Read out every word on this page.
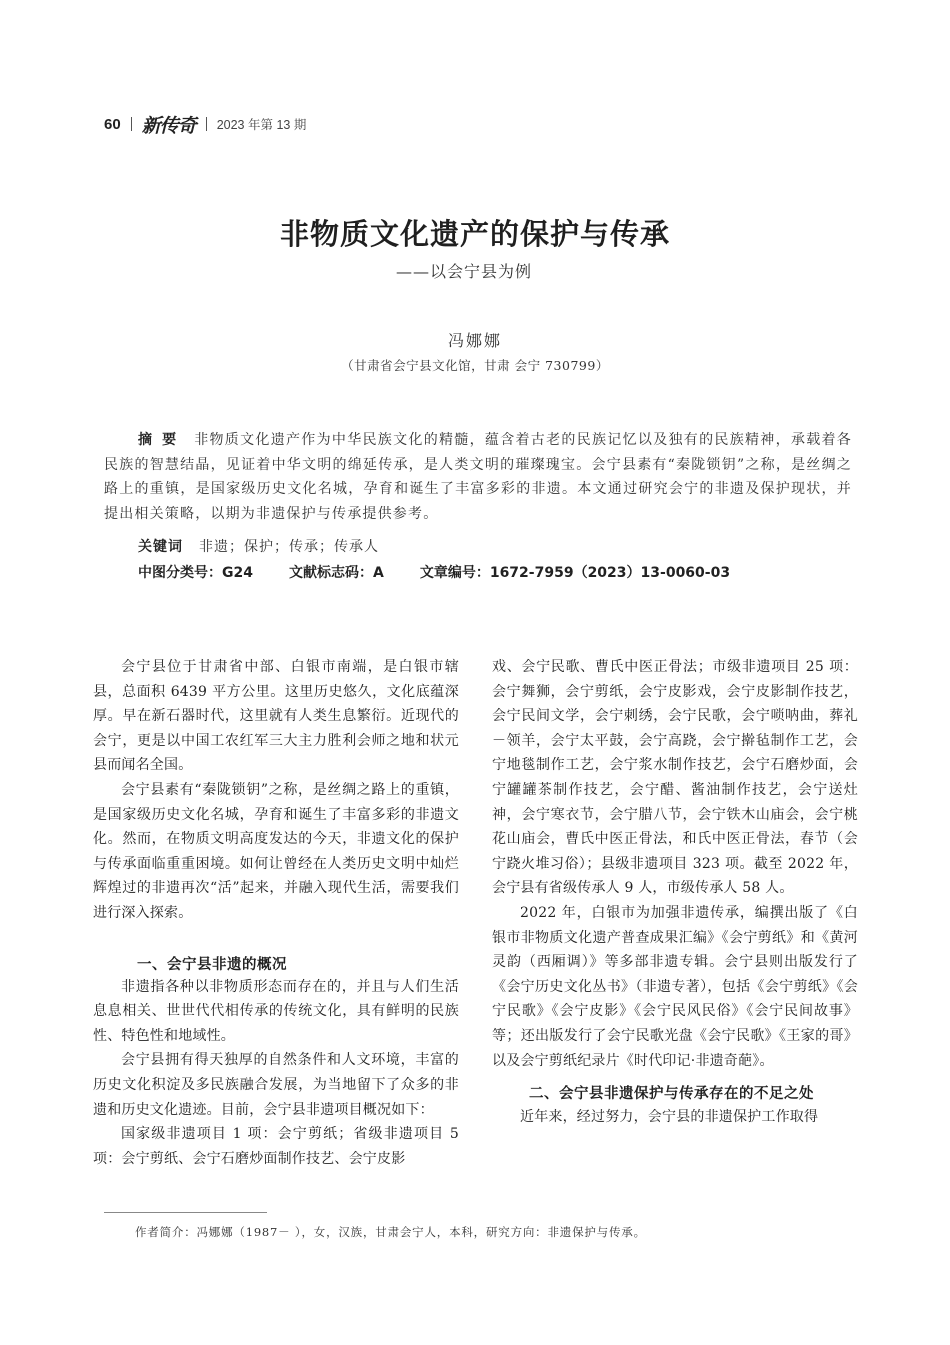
60 新传奇 2023 年第 13 期
非物质文化遗产的保护与传承
——以会宁县为例
冯娜娜
（甘肃省会宁县文化馆，甘肃 会宁 730799）
摘要 非物质文化遗产作为中华民族文化的精髓，蕴含着古老的民族记忆以及独有的民族精神，承载着各民族的智慧结晶，见证着中华文明的绵延传承，是人类文明的璀璨瑰宝。会宁县素有“秦陇锁钥”之称，是丝绸之路上的重镇，是国家级历史文化名城，孕育和诞生了丰富多彩的非遗。本文通过研究会宁的非遗及保护现状，并提出相关策略，以期为非遗保护与传承提供参考。
关键词 非遗；保护；传承；传承人
中图分类号：G24	文献标志码：A	文章编号：1672-7959（2023）13-0060-03

会宁县位于甘肃省中部、白银市南端，是白银市辖县，总面积 6439 平方公里。这里历史悠久，文化底蕴深厚。早在新石器时代，这里就有人类生息繁衍。近现代的会宁，更是以中国工农红军三大主力胜利会师之地和状元县而闻名全国。

会宁县素有“秦陇锁钥”之称，是丝绸之路上的重镇，是国家级历史文化名城，孕育和诞生了丰富多彩的非遗文化。然而，在物质文明高度发达的今天，非遗文化的保护与传承面临重重困境。如何让曾经在人类历史文明中灿烂辉煌过的非遗再次“活”起来，并融入现代生活，需要我们进行深入探索。

一、会宁县非遗的概况

非遗指各种以非物质形态而存在的，并且与人们生活息息相关、世世代代相传承的传统文化，具有鲜明的民族性、特色性和地域性。

会宁县拥有得天独厚的自然条件和人文环境，丰富的历史文化积淀及多民族融合发展，为当地留下了众多的非遗和历史文化遗迹。目前，会宁县非遗项目概况如下：

国家级非遗项目 1 项：会宁剪纸；省级非遗项目 5 项：会宁剪纸、会宁石磨炒面制作技艺、会宁皮影

戏、会宁民歌、曹氏中医正骨法；市级非遗项目 25 项：会宁舞狮，会宁剪纸，会宁皮影戏，会宁皮影制作技艺，会宁民间文学，会宁刺绣，会宁民歌，会宁唢呐曲，葬礼－领羊，会宁太平鼓，会宁高跷，会宁擀毡制作工艺，会宁地毯制作工艺，会宁浆水制作技艺，会宁石磨炒面，会宁罐罐茶制作技艺，会宁醋、酱油制作技艺，会宁送灶神，会宁寒衣节，会宁腊八节，会宁铁木山庙会，会宁桃花山庙会，曹氏中医正骨法，和氏中医正骨法，春节（会宁跷火堆习俗）；县级非遗项目 323 项。截至 2022 年，会宁县有省级传承人 9 人，市级传承人 58 人。

2022 年，白银市为加强非遗传承，编撰出版了《白银市非物质文化遗产普查成果汇编》《会宁剪纸》和《黄河灵韵（西厢调）》等多部非遗专辑。会宁县则出版发行了《会宁历史文化丛书》（非遗专著），包括《会宁剪纸》《会宁民歌》《会宁皮影》《会宁民风民俗》《会宁民间故事》等；还出版发行了会宁民歌光盘《会宁民歌》《王家的哥》以及会宁剪纸纪录片《时代印记·非遗奇葩》。

二、会宁县非遗保护与传承存在的不足之处

近年来，经过努力，会宁县的非遗保护工作取得

作者简介：冯娜娜（1987－ ），女，汉族，甘肃会宁人，本科，研究方向：非遗保护与传承。
